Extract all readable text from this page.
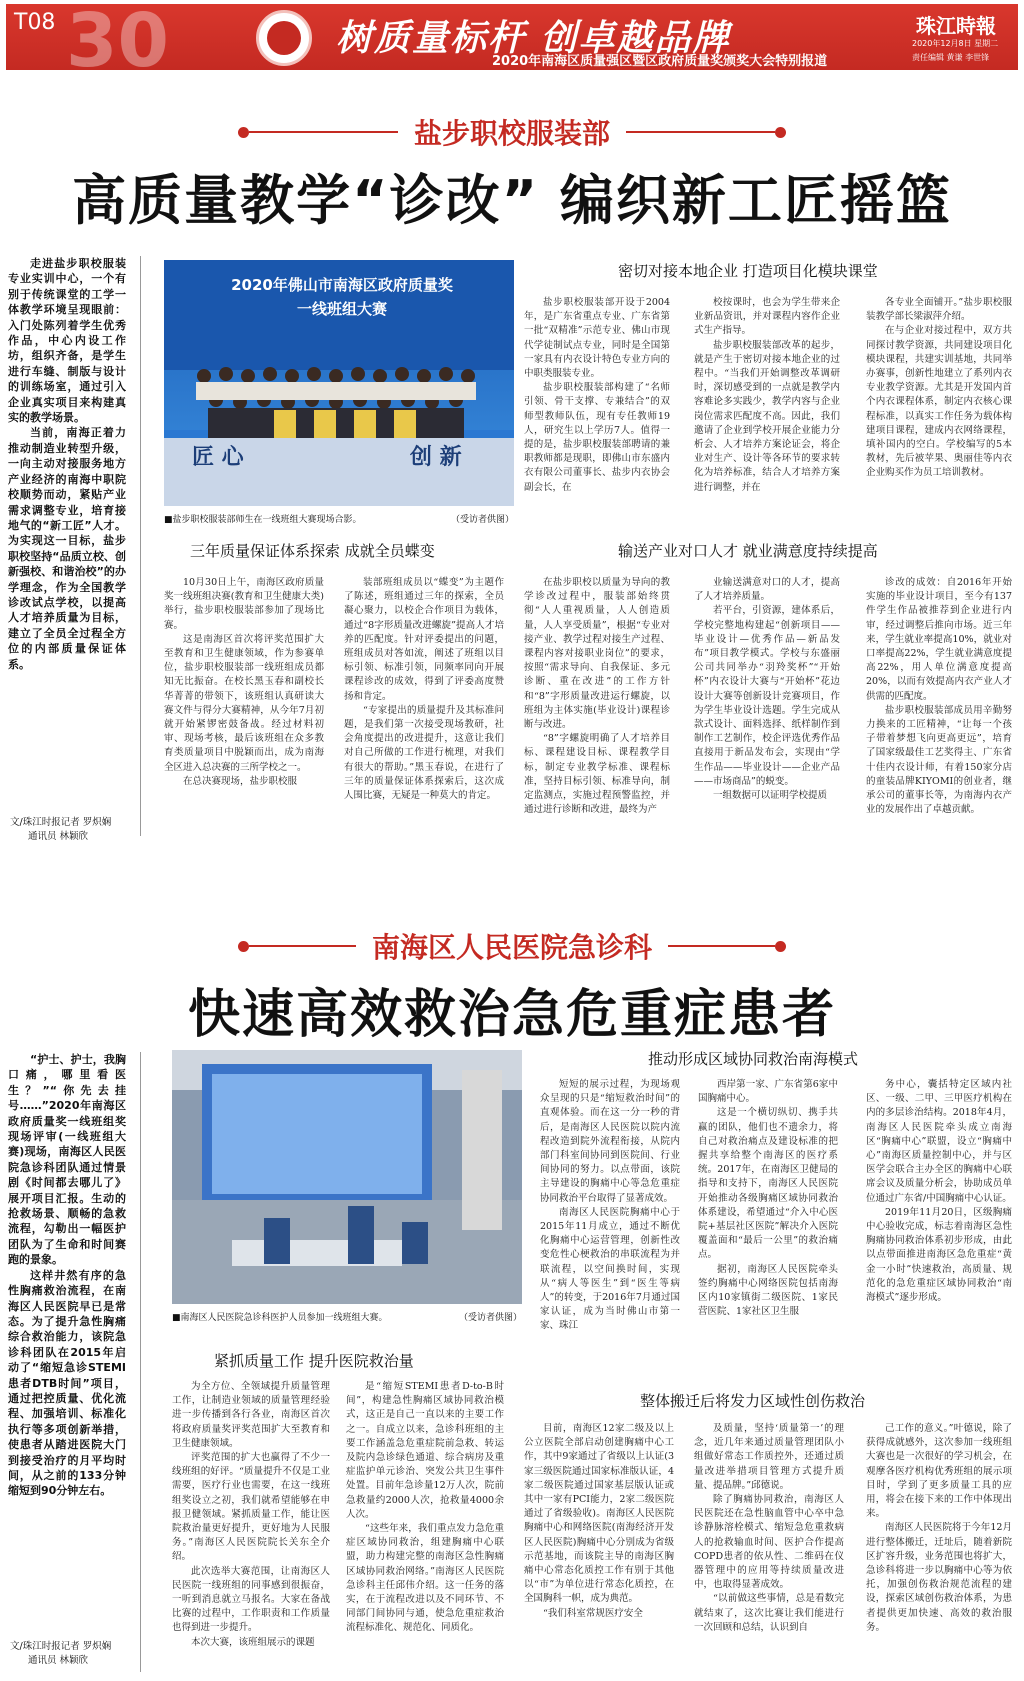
30
T08	树质量标杆 创卓越品牌
2020年南海区质量强区暨区政府质量奖颁奖大会特别报道
珠江時報
2020年12月8日 星期二
责任编辑 黄谦 李世锋
盐步职校服装部
高质量教学“诊改” 编织新工匠摇篮

走进盐步职校服装专业实训中心，一个有别于传统课堂的工学一体教学环境呈现眼前：入门处陈列着学生优秀作品，中心内设工作坊，组织齐备，是学生进行车缝、制版与设计的训练场室，通过引入企业真实项目来构建真实的教学场景。

当前，南海正着力推动制造业转型升级，一向主动对接服务地方产业经济的南海中职院校顺势而动，紧贴产业需求调整专业，培育接地气的“新工匠”人才。为实现这一目标，盐步职校坚持“品质立校、创新强校、和谐治校”的办学理念，作为全国教学诊改试点学校，以提高人才培养质量为目标，建立了全员全过程全方位的内部质量保证体系。

文/珠江时报记者 罗炽娴
通讯员 林颖欣
2020年佛山市南海区政府质量奖
一线班组大赛
匠 心	创 新
■盐步职校服装部师生在一线班组大赛现场合影。	（受访者供图）
密切对接本地企业 打造项目化模块课堂

盐步职校服装部开设于2004年，是广东省重点专业、广东省第一批“双精准”示范专业、佛山市现代学徒制试点专业，同时是全国第一家具有内衣设计特色专业方向的中职类服装专业。

盐步职校服装部构建了“名师引领、骨干支撑、专兼结合”的双师型教师队伍，现有专任教师19人，研究生以上学历7人。值得一提的是，盐步职校服装部聘请的兼职教师都是现职，即佛山市东盛内衣有限公司董事长、盐步内衣协会副会长，在

校按课时，也会为学生带来企业新品资讯，并对课程内容作企业式生产指导。

盐步职校服装部改革的起步，就是产生于密切对接本地企业的过程中。“当我们开始调整改革调研时，深切感受到的一点就是教学内容难论多实践少，教学内容与企业岗位需求匹配度不高。因此，我们邀请了企业到学校开展企业能力分析会、人才培养方案论证会，将企业对生产、设计等各环节的要求转化为培养标准，结合人才培养方案进行调整，并在

各专业全面铺开。”盐步职校服装教学部长梁淑萍介绍。

在与企业对接过程中，双方共同探讨教学资源，共同建设项目化模块课程，共建实训基地，共同举办赛事，创新性地建立了系列内衣专业教学资源。尤其是开发国内首个内衣课程体系，制定内衣核心课程标准，以真实工作任务为载体构建项目课程，建成内衣网络课程，填补国内的空白。学校编写的5本教材，先后被苹果、奥丽佳等内衣企业购买作为员工培训教材。

三年质量保证体系探索 成就全员蝶变	输送产业对口人才 就业满意度持续提高

10月30日上午，南海区政府质量奖一线班组决赛(教育和卫生健康大类)举行，盐步职校服装部参加了现场比赛。

这是南海区首次将评奖范围扩大至教育和卫生健康领域，作为参赛单位，盐步职校服装部一线班组成员都知无比振奋。在校长黑玉春和副校长华菁菁的带领下，该班组认真研读大赛文件与得分大赛精神，从今年7月初就开始紧锣密鼓备战。经过材料初审、现场考核，最后该班组在众多教育类质量项目中脱颖而出，成为南海全区进入总决赛的三所学校之一。

在总决赛现场，盐步职校服

装部班组成员以“蝶变”为主题作了陈述，班组通过三年的探索，全员凝心聚力，以校企合作项目为载体，通过“8字形质量改进螺旋”提高人才培养的匹配度。针对评委提出的问题，班组成员对答如流，阐述了班组以目标引领、标准引领，同频率同向开展课程诊改的成效，得到了评委高度赞扬和肯定。

“专家提出的质量提升及其标准问题，是我们第一次接受现场教研，社会角度提出的改进提升，这意让我们对自己所做的工作进行梳理，对我们有很大的帮助。”黑玉春说，在进行了三年的质量保证体系探索后，这次成人围比赛，无疑是一种莫大的肯定。

在盐步职校以质量为导向的教学诊改过程中，服装部始终贯彻“人人重视质量，人人创造质量，人人享受质量”，根据“专业对接产业、教学过程对接生产过程、课程内容对接职业岗位”的要求，按照“需求导向、自我保证、多元诊断、重在改进”的工作方针和“8”字形质量改进运行螺旋，以班组为主体实施(毕业设计)课程诊断与改进。

“8”字螺旋明确了人才培养目标、课程建设目标、课程教学目标，制定专业教学标准、课程标准，坚持目标引领、标准导向，制定监测点，实施过程预警监控，并通过进行诊断和改进，最终为产

业输送满意对口的人才，提高了人才培养质量。

若平台，引资源，建体系后，学校完整地构建起“创新项目——毕业设计—优秀作品—新品发布”项目教学模式。学校与东盛丽公司共同举办“羽羚奖杯”“开始杯”内衣设计大赛与“开始杯”花边设计大赛等创新设计竞赛项目，作为学生毕业设计选题。学生完成从款式设计、面料选择、纸样制作到制作工艺制作，校企评选优秀作品直接用于新品发布会，实现由“学生作品——毕业设计——企业产品——市场商品”的蜕变。

一组数据可以证明学校提质

诊改的成效：自2016年开始实施的毕业设计项目，至今有137件学生作品被推荐到企业进行内审，经过调整后推向市场。近三年来，学生就业率提高10%，就业对口率提高22%，学生就业满意度提高22%，用人单位满意度提高20%，以而有效提高内衣产业人才供需的匹配度。

盐步职校服装部成员用辛勤努力换来的工匠精神，“让每一个孩子带着梦想飞向更高更远”，培育了国家级最佳工艺奖得主、广东省十佳内衣设计师，有着150家分店的童装品牌KIYOMI的创业者，继承公司的董事长等，为南海内衣产业的发展作出了卓越贡献。

南海区人民医院急诊科
快速高效救治急危重症患者

“护士、护士，我胸口痛，哪里看医生？”“你先去挂号……”2020年南海区政府质量奖一线班组奖现场评审(一线班组大赛)现场，南海区人民医院急诊科团队通过情景剧《时间都去哪儿了》展开项目汇报。生动的抢救场景、顺畅的急救流程，勾勒出一幅医护团队为了生命和时间赛跑的景象。

这样井然有序的急性胸痛救治流程，在南海区人民医院早已是常态。为了提升急性胸痛综合救治能力，该院急诊科团队在2015年启动了“缩短急诊STEMI患者DTB时间”项目，通过把控质量、优化流程、加强培训、标准化执行等多项创新举措，使患者从踏进医院大门到接受治疗的月平均时间，从之前的133分钟缩短到90分钟左右。

文/珠江时报记者 罗炽娴
通讯员 林颖欣
■南海区人民医院急诊科医护人员参加一线班组大赛。	（受访者供图）
推动形成区域协同救治南海模式

短短的展示过程，为现场观众呈现的只是“缩短救治时间”的直观体验。而在这一分一秒的背后，是南海区人民医院以院内流程改造到院外流程衔接，从院内部门科室间协同到医院间、行业间协同的努力。以点带面，该院主导建设的胸痛中心等急危重症协同救治平台取得了显著成效。

南海区人民医院胸痛中心于2015年11月成立，通过不断优化胸痛中心运营管理，创新性改变危性心梗救治的串联流程为并联流程，以空间换时间，实现从“病人等医生”到“医生等病人”的转变，于2016年7月通过国家认证，成为当时佛山市第一家、珠江

西岸第一家、广东省第6家中国胸痛中心。

这是一个横切纵切、携手共赢的团队，他们也不遗余力，将自己对救治痛点及建设标准的把握共享给整个南海区的医疗系统。2017年，在南海区卫健局的指导和支持下，南海区人民医院开始推动各级胸痛区域协同救治体系建设，希望通过“介入中心医院+基层社区医院”解决介入医院覆盖面和“最后一公里”的救治痛点。

据初，南海区人民医院牵头签约胸痛中心网络医院包括南海区内10家镇街二级医院、1家民营医院、1家社区卫生服

务中心，囊括特定区域内社区、一级、二甲、三甲医疗机构在内的多层诊治结构。2018年4月，南海区人民医院牵头成立南海区“胸痛中心”联盟，设立“胸痛中心”南海区质量控制中心，并与区医学会联合主办全区的胸痛中心联席会议及质量分析会，协助成员单位通过广东省/中国胸痛中心认证。

2019年11月20日，区级胸痛中心验收完成，标志着南海区急性胸痛协同救治体系初步形成，由此以点带面推进南海区急危重症“黄金一小时”快速救治，高质量、规范化的急危重症区域协同救治“南海模式”逐步形成。

紧抓质量工作 提升医院救治量

为全方位、全领域提升质量管理工作，让制造业领域的质量管理经验进一步传播到各行各业，南海区首次将政府质量奖评奖范围扩大至教育和卫生健康领域。

评奖范围的扩大也赢得了不少一线班组的好评。“质量提升不仅是工业需要，医疗行业也需要，在这一线班组奖设立之初，我们就希望能够在申报卫健领域。紧抓质量工作，能让医院救治量更好提升，更好地为人民服务。”南海区人民医院院长关东全介绍。

此次选举大赛范围，让南海区人民医院一线班组的同事感到很振奋，一听到消息就立马报名。大家在备战比赛的过程中，工作职责和工作质量也得到进一步提升。

本次大赛，该班组展示的课题

是“缩短STEMI患者D-to-B时间”，构建急性胸痛区域协同救治模式，这正是自己一直以来的主要工作之一。自成立以来，急诊科班组的主要工作涵盖急危重症院前急救、转运及院内急诊绿色通道、综合病房及重症监护单元诊治、突发公共卫生事件处置。目前年急诊量12万人次，院前急救量约2000人次，抢救量4000余人次。

“这些年来，我们重点发力急危重症区域协同救治，组建胸痛中心联盟，助力构建完整的南海区急性胸痛区域协同救治网络。”南海区人民医院急诊科主任邱伟介绍。这一任务的落实，在于流程改进以及不同环节、不同部门间协同与通，使急危重症救治流程标准化、规范化、同质化。

整体搬迁后将发力区域性创伤救治

目前，南海区12家二级及以上公立医院全部启动创建胸痛中心工作，其中9家通过了省级以上认证(3家三级医院通过国家标准版认证，4家二级医院通过国家基层版认证或其中一家有PCI能力，2家二级医院通过了省级验收)。南海区人民医院胸痛中心和网络医院(南海经济开发区人民医院)胸痛中心分别成为省级示范基地，而该院主导的南海区胸痛中心常态化质控工作有别于其他以“市”为单位进行常态化质控，在全国胸科一帜，成为典范。

“我们科室常规医疗安全

及质量，坚持‘质量第一’的理念，近几年来通过质量管理团队小组做好常态工作质控外，还通过质量改进举措项目管理方式提升质量、提品牌。”邱德说。

除了胸痛协同救治，南海区人民医院还在急性脑血管中心卒中急诊静脉溶栓模式、缩短急危重救病人的抢救输血时间、医护合作提高COPD患者的依从性、二维码在仪器管理中的应用等持续质量改进中，也取得显著成效。

“以前做这些事情，总是看数完就结束了，这次比赛让我们能进行一次回顾和总结，认识到自

己工作的意义。”叶德说，除了获得成就感外，这次参加一线班组大赛也是一次很好的学习机会，在观摩各医疗机构优秀班组的展示项目时，学到了更多质量工具的应用，将会在接下来的工作中体现出来。

南海区人民医院将于今年12月进行整体搬迁，迁址后，随着新院区扩容升级，业务范围也将扩大，急诊科将进一步以胸痛中心等为依托，加强创伤救治规范流程的建设，探索区域创伤救治体系，为患者提供更加快速、高效的救治服务。
